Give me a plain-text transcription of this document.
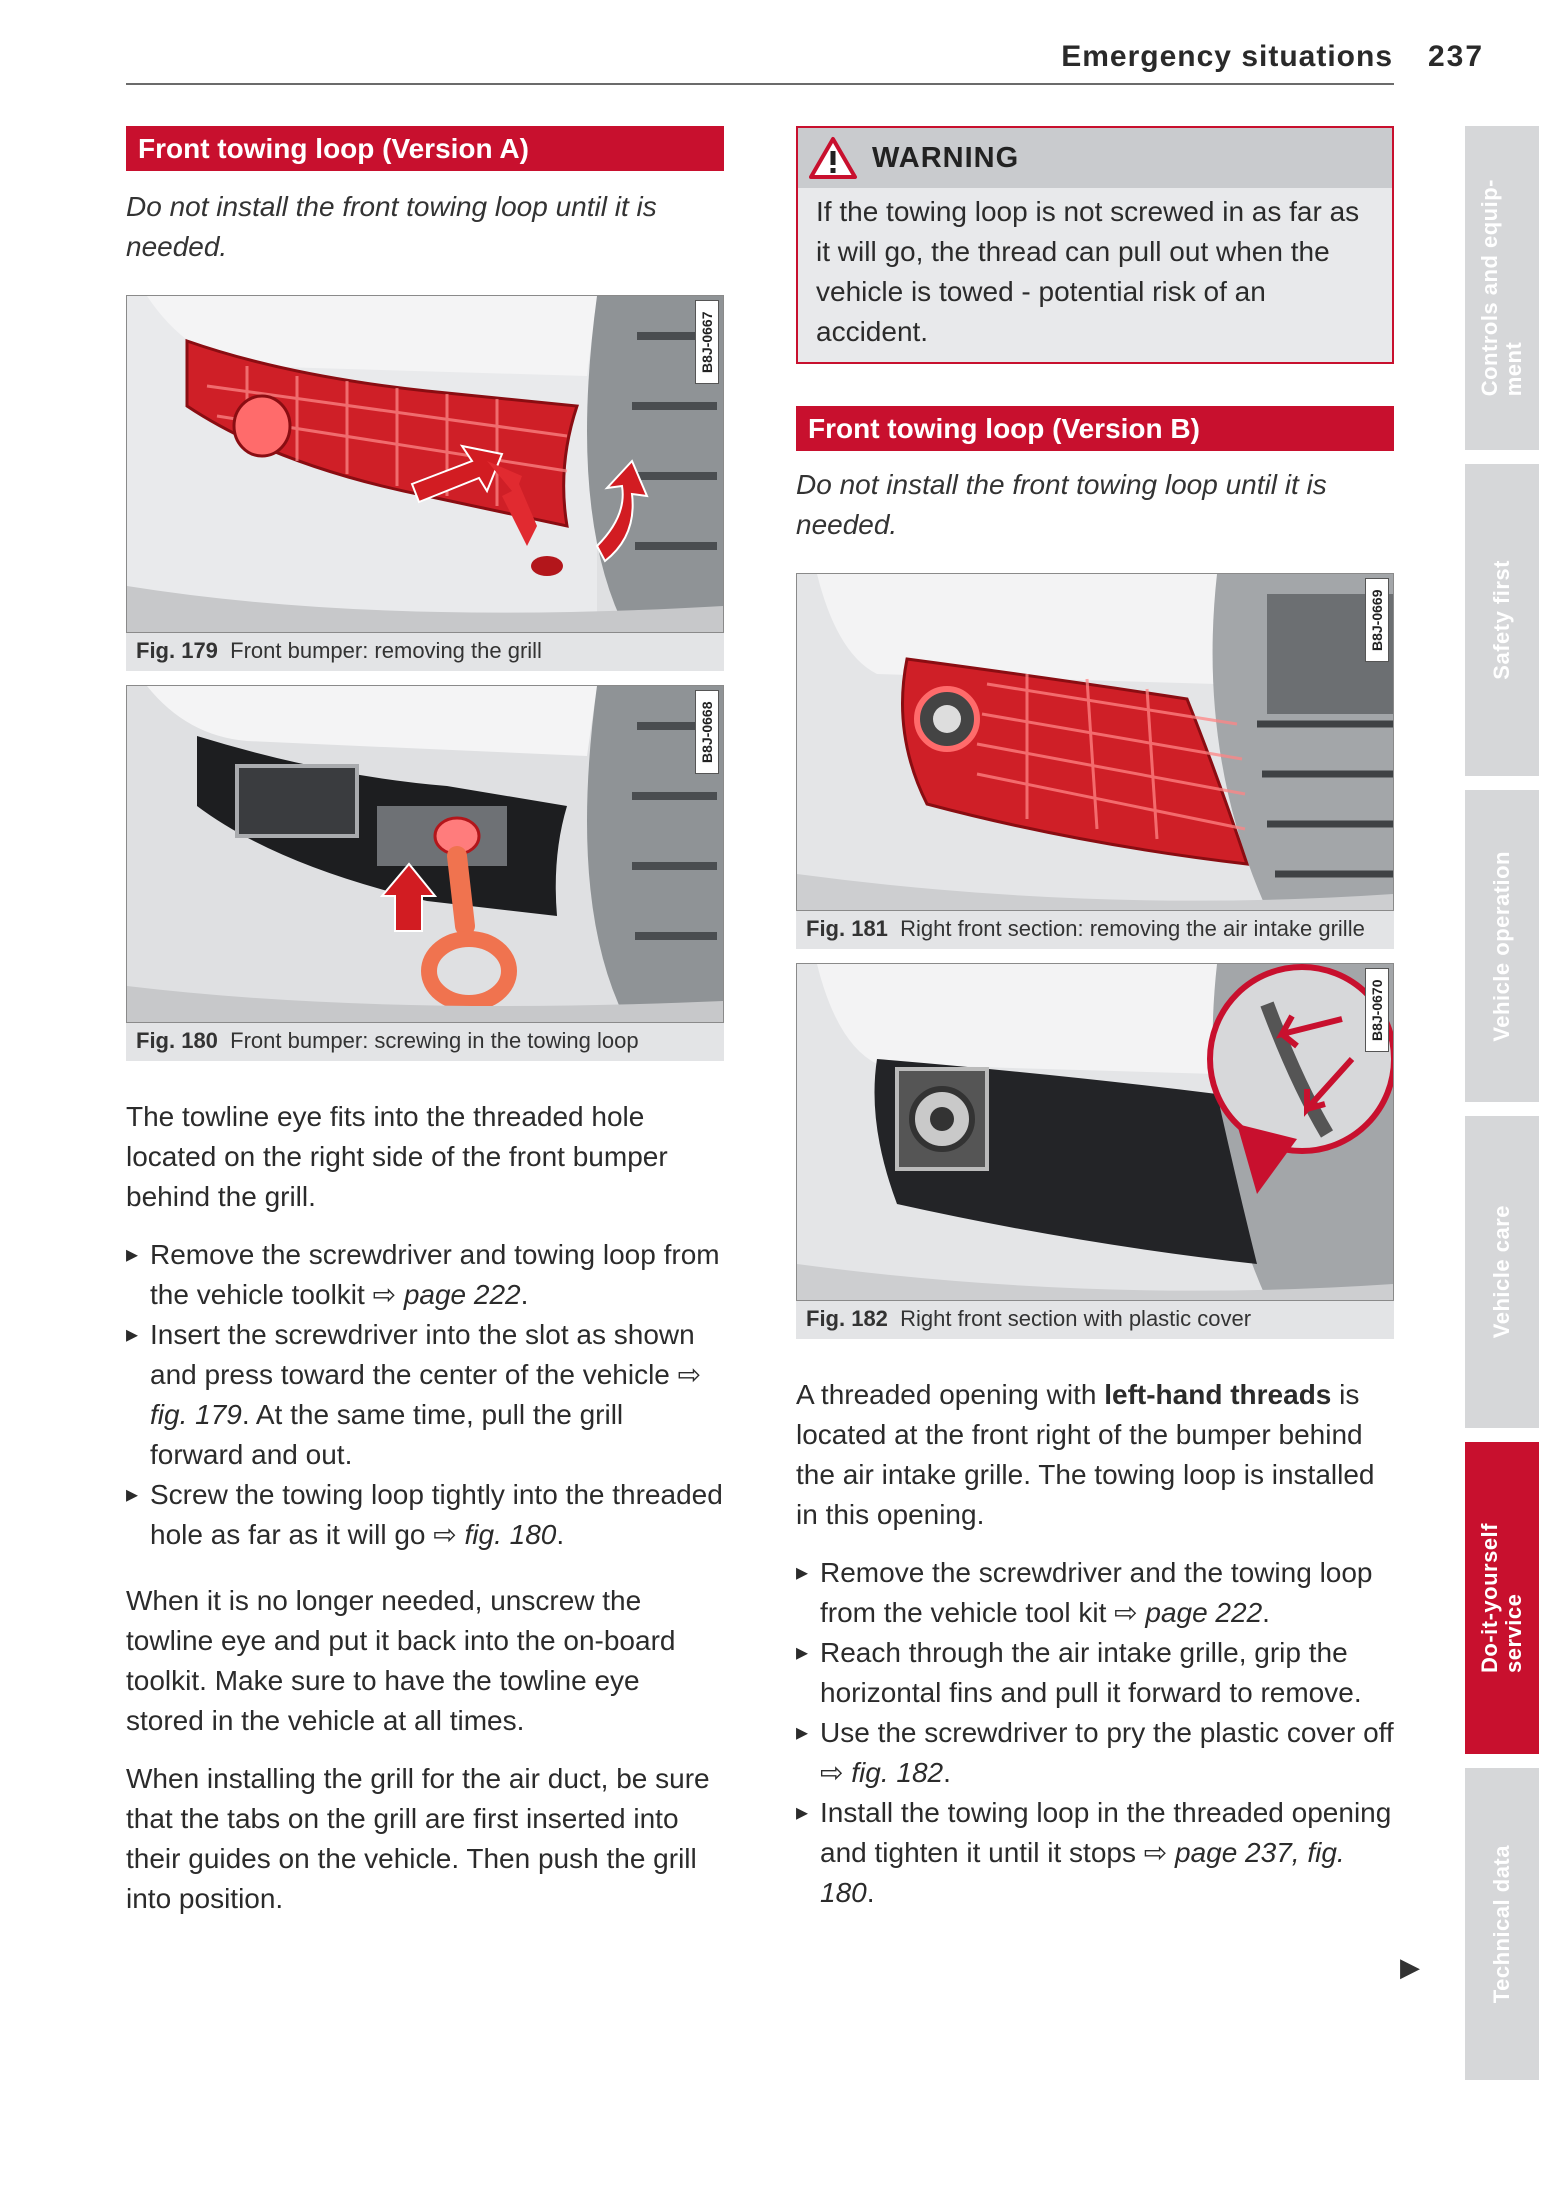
Emergency situations 237
Front towing loop (Version A)
Do not install the front towing loop until it is needed.
B8J-0667
Fig. 179 Front bumper: removing the grill
B8J-0668
Fig. 180 Front bumper: screwing in the towing loop

The towline eye fits into the threaded hole located on the right side of the front bumper behind the grill.

▸ Remove the screwdriver and towing loop from the vehicle toolkit ⇨ page 222.
▸ Insert the screwdriver into the slot as shown and press toward the center of the vehicle ⇨ fig. 179. At the same time, pull the grill forward and out.
▸ Screw the towing loop tightly into the threaded hole as far as it will go ⇨ fig. 180.

When it is no longer needed, unscrew the towline eye and put it back into the on-board toolkit. Make sure to have the towline eye stored in the vehicle at all times.

When installing the grill for the air duct, be sure that the tabs on the grill are first inserted into their guides on the vehicle. Then push the grill into position.

WARNING
If the towing loop is not screwed in as far as it will go, the thread can pull out when the vehicle is towed - potential risk of an accident.
Front towing loop (Version B)
Do not install the front towing loop until it is needed.
B8J-0669
Fig. 181 Right front section: removing the air intake grille
B8J-0670
Fig. 182 Right front section with plastic cover

A threaded opening with left-hand threads is located at the front right of the bumper behind the air intake grille. The towing loop is installed in this opening.

▸ Remove the screwdriver and the towing loop from the vehicle tool kit ⇨ page 222.
▸ Reach through the air intake grille, grip the horizontal fins and pull it forward to remove.
▸ Use the screwdriver to pry the plastic cover off ⇨ fig. 182.
▸ Install the towing loop in the threaded opening and tighten it until it stops ⇨ page 237, fig. 180.
▶
Controls and equip-
ment
Safety first
Vehicle operation
Vehicle care
Do-it-yourself
service
Technical data
